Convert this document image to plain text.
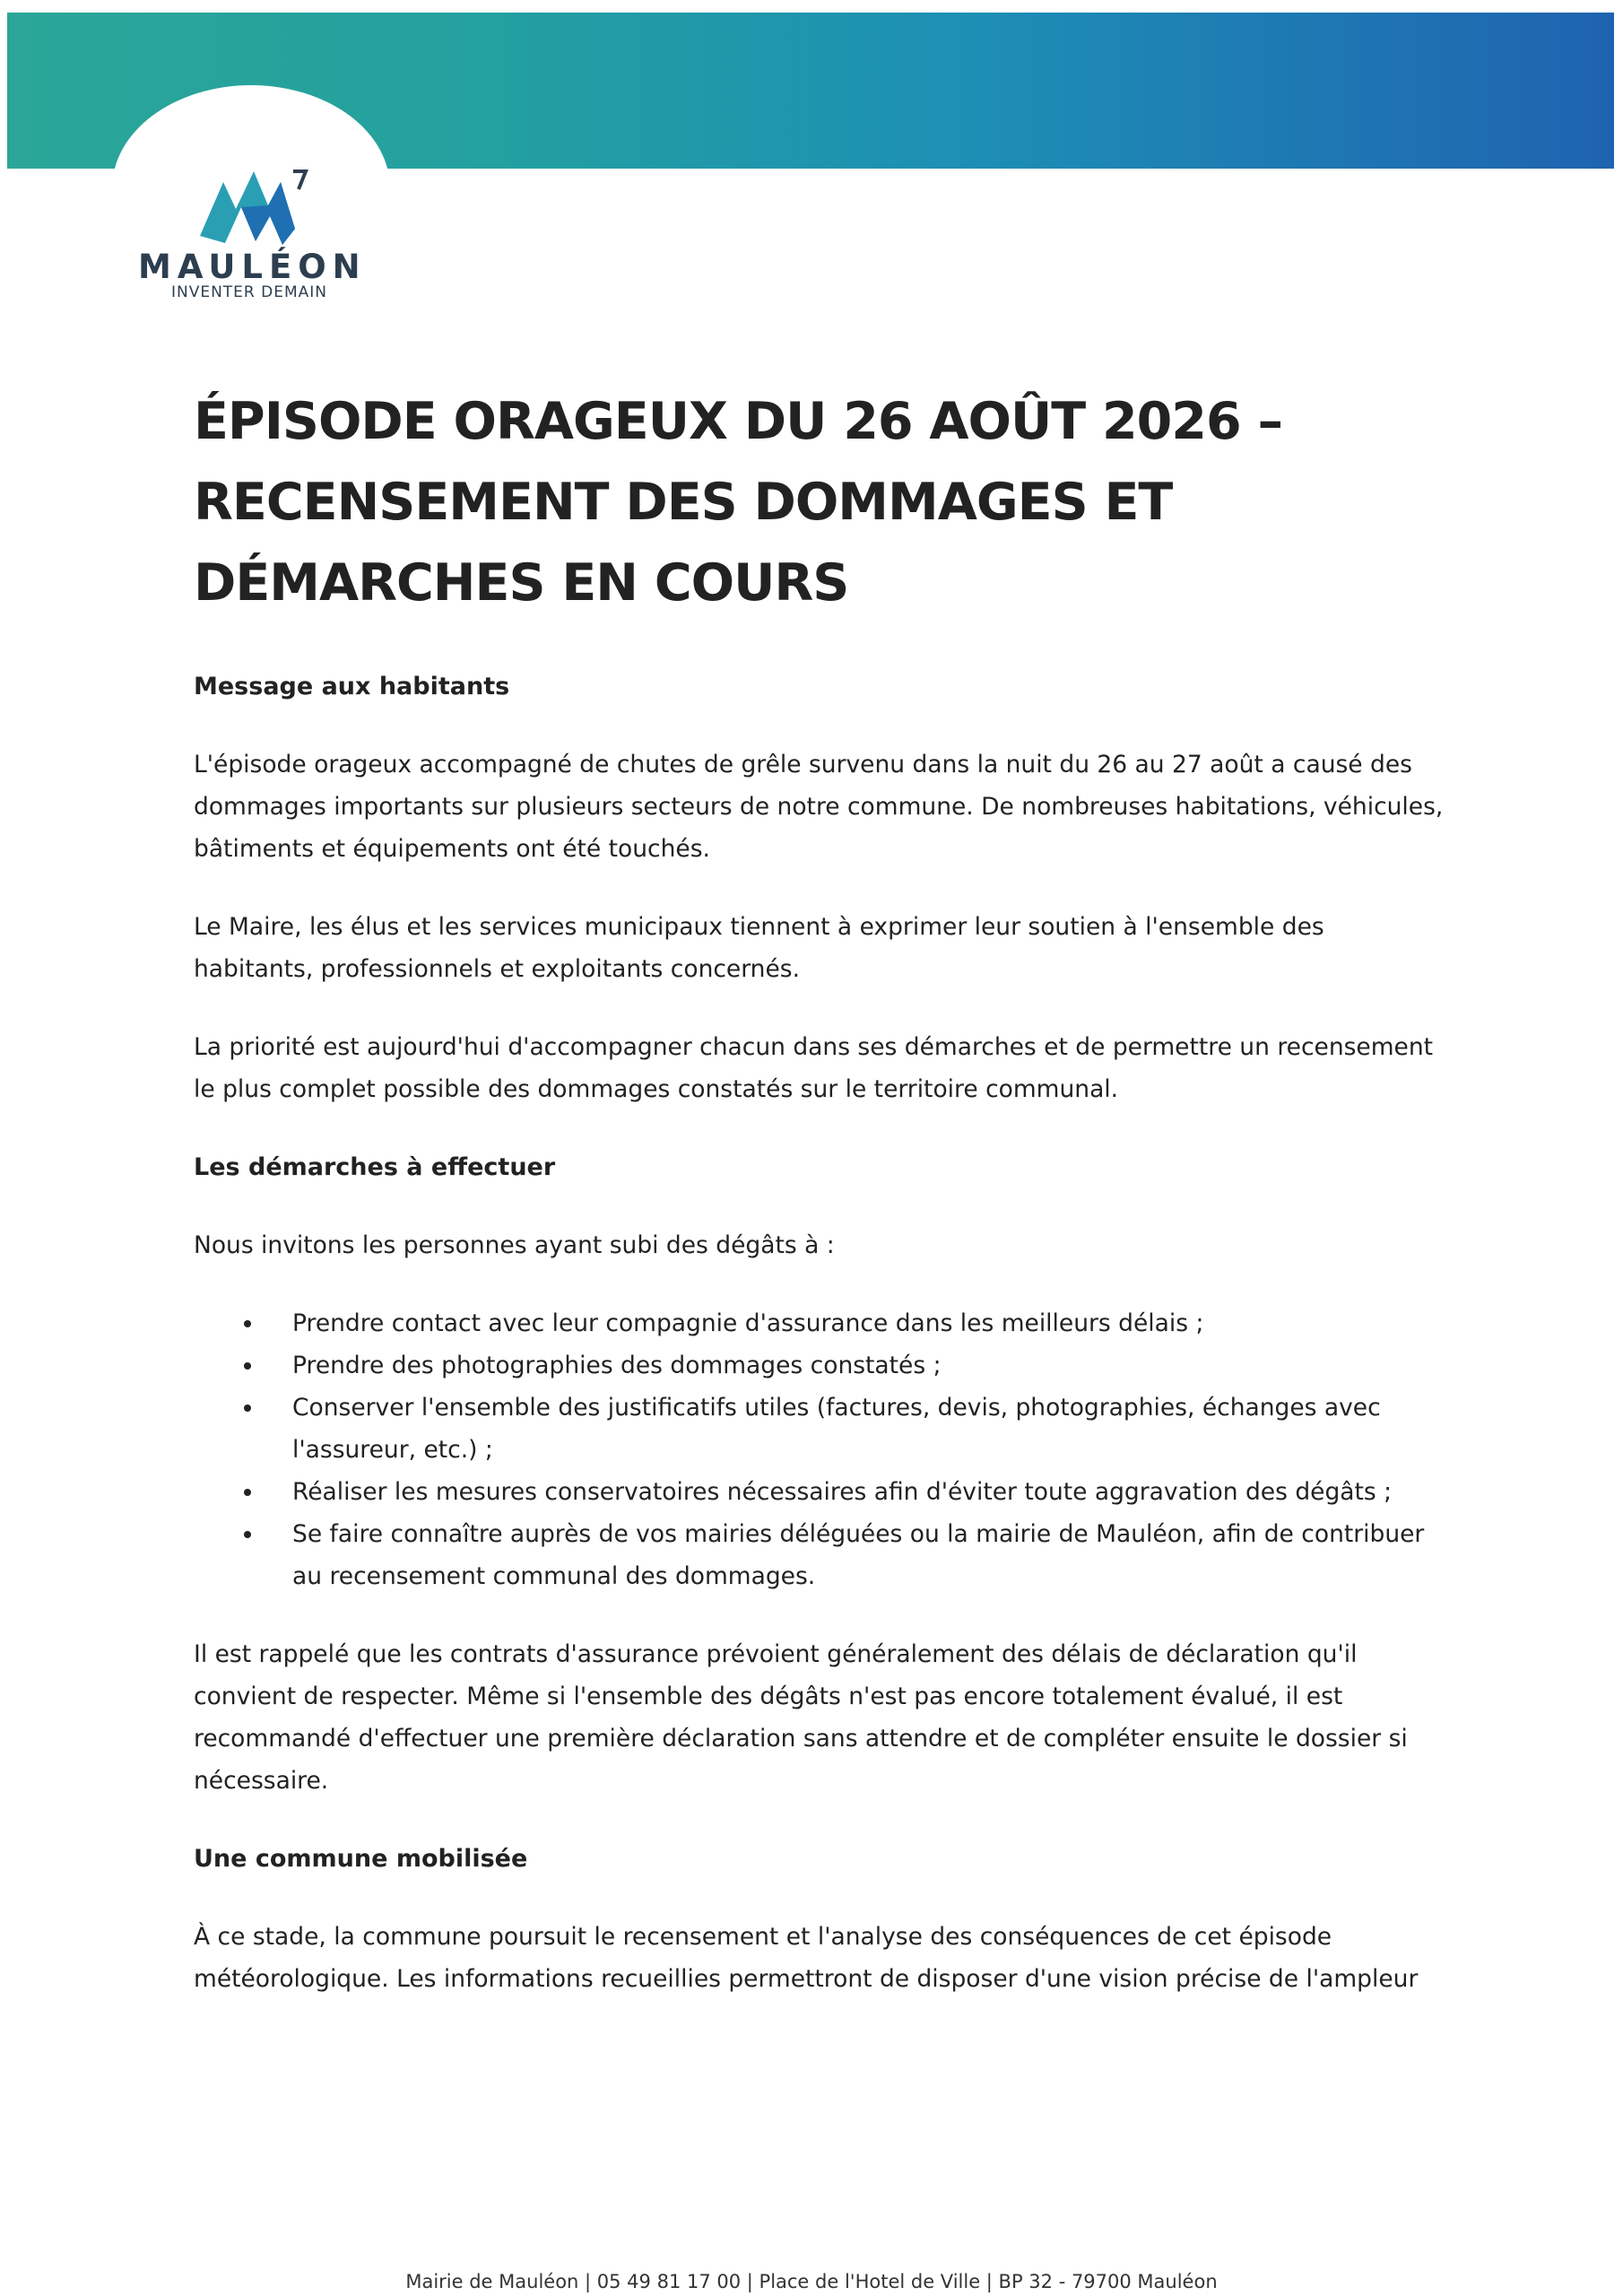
MAULÉON
INVENTER DEMAIN
ÉPISODE ORAGEUX DU 26 AOÛT 2026 –
RECENSEMENT DES DOMMAGES ET
DÉMARCHES EN COURS
Message aux habitants

L'épisode orageux accompagné de chutes de grêle survenu dans la nuit du 26 au 27 août a causé des dommages importants sur plusieurs secteurs de notre commune. De nombreuses habitations, véhicules, bâtiments et équipements ont été touchés.

Le Maire, les élus et les services municipaux tiennent à exprimer leur soutien à l'ensemble des habitants, professionnels et exploitants concernés.

La priorité est aujourd'hui d'accompagner chacun dans ses démarches et de permettre un recensement le plus complet possible des dommages constatés sur le territoire communal.

Les démarches à effectuer

Nous invitons les personnes ayant subi des dégâts à :

Prendre contact avec leur compagnie d'assurance dans les meilleurs délais ;
Prendre des photographies des dommages constatés ;
Conserver l'ensemble des justificatifs utiles (factures, devis, photographies, échanges avec l'assureur, etc.) ;
Réaliser les mesures conservatoires nécessaires afin d'éviter toute aggravation des dégâts ;
Se faire connaître auprès de vos mairies déléguées ou la mairie de Mauléon, afin de contribuer au recensement communal des dommages.

Il est rappelé que les contrats d'assurance prévoient généralement des délais de déclaration qu'il convient de respecter. Même si l'ensemble des dégâts n'est pas encore totalement évalué, il est recommandé d'effectuer une première déclaration sans attendre et de compléter ensuite le dossier si nécessaire.

Une commune mobilisée

À ce stade, la commune poursuit le recensement et l'analyse des conséquences de cet épisode météorologique. Les informations recueillies permettront de disposer d'une vision précise de l'ampleur

Mairie de Mauléon | 05 49 81 17 00 | Place de l'Hotel de Ville | BP 32 - 79700 Mauléon
